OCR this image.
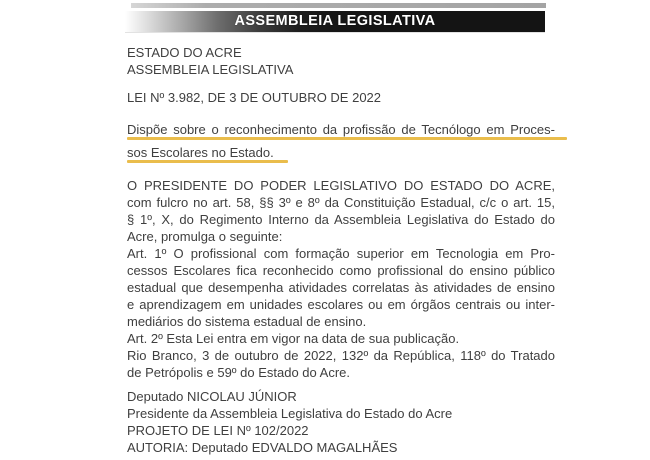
ASSEMBLEIA LEGISLATIVA
ESTADO DO ACRE
ASSEMBLEIA LEGISLATIVA
LEI Nº 3.982, DE 3 DE OUTUBRO DE 2022
Dispõe sobre o reconhecimento da profissão de Tecnólogo em Proces-
sos Escolares no Estado.
O PRESIDENTE DO PODER LEGISLATIVO DO ESTADO DO ACRE,
com fulcro no art. 58, §§ 3º e 8º da Constituição Estadual, c/c o art. 15,
§ 1º, X, do Regimento Interno da Assembleia Legislativa do Estado do
Acre, promulga o seguinte:
Art. 1º O profissional com formação superior em Tecnologia em Pro-
cessos Escolares fica reconhecido como profissional do ensino público
estadual que desempenha atividades correlatas às atividades de ensino
e aprendizagem em unidades escolares ou em órgãos centrais ou inter-
mediários do sistema estadual de ensino.
Art. 2º Esta Lei entra em vigor na data de sua publicação.
Rio Branco, 3 de outubro de 2022, 132º da República, 118º do Tratado
de Petrópolis e 59º do Estado do Acre.
Deputado NICOLAU JÚNIOR
Presidente da Assembleia Legislativa do Estado do Acre
PROJETO DE LEI Nº 102/2022
AUTORIA: Deputado EDVALDO MAGALHÃES
